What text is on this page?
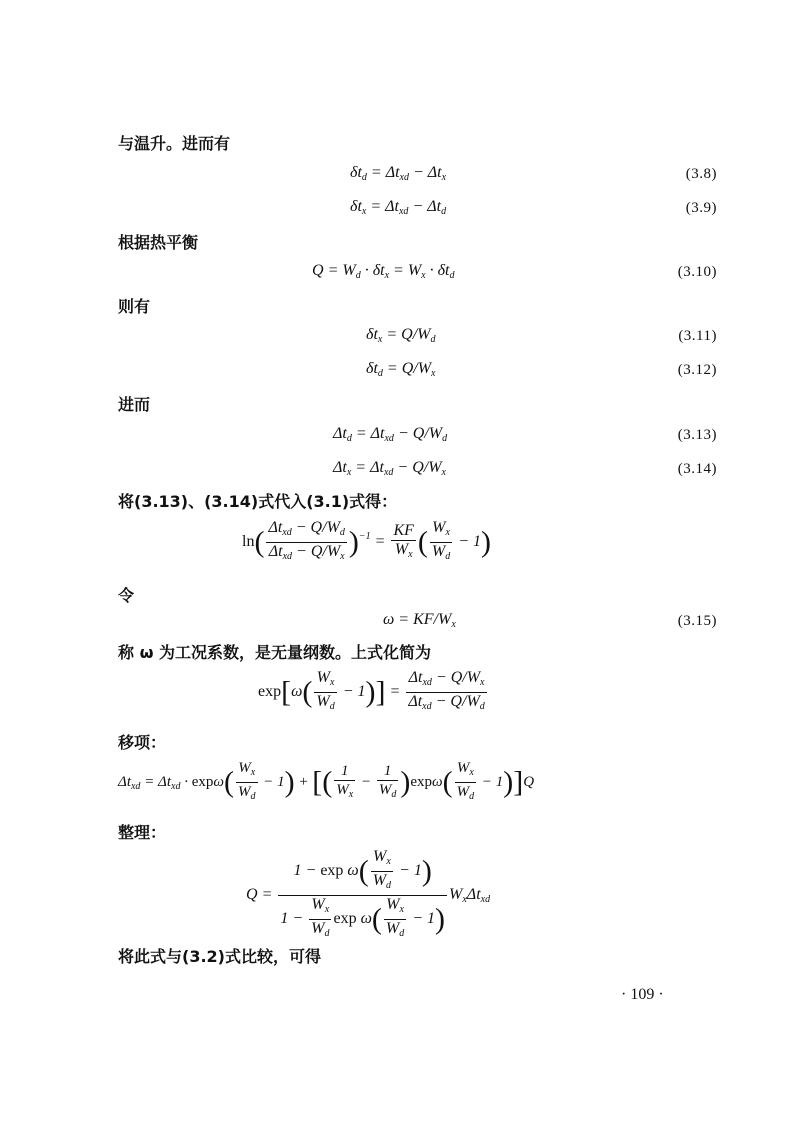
与温升。进而有
$\delta t_d = \Delta t_{xd} - \Delta t_x$	(3.8)
$\delta t_x = \Delta t_{xd} - \Delta t_d$	(3.9)
根据热平衡
$Q = W_d \cdot \delta t_x = W_x \cdot \delta t_d$	(3.10)
则有
$\delta t_x = Q/W_d$	(3.11)
$\delta t_d = Q/W_x$	(3.12)
进而
$\Delta t_d = \Delta t_{xd} - Q/W_d$	(3.13)
$\Delta t_x = \Delta t_{xd} - Q/W_x$	(3.14)
将(3.13)、(3.14)式代入(3.1)式得：
$\ln( \frac{\Delta t_{xd} - Q/W_d}{\Delta t_{xd} - Q/W_x} )^{-1} = \frac{KF}{W_x}$ ( $\frac{W_x}{W_d} - 1$)
令
$\omega = KF/W_x$	(3.15)
称 ω 为工况系数，是无量纲数。上式化简为
$\exp[\omega( \frac{W_x}{W_d} - 1)] = \frac{\Delta t_{xd} - Q/W_x}{\Delta t_{xd} - Q/W_d}$
移项：
$\Delta t_{xd} = \Delta t_{xd} \cdot \exp\omega( \frac{W_x}{W_d} - 1)$ + [( $\frac{1}{W_x} - \frac{1}{W_d} )\exp\omega( \frac{W_x}{W_d} - 1)]Q$
整理：
$Q = \frac{1 - \exp \omega( \frac{W_x}{W_d} - 1)}{1 - \frac{W_x}{W_d} \exp \omega( \frac{W_x}{W_d} - 1)} W_x\Delta t_{xd}$
将此式与(3.2)式比较，可得
· 109 ·
